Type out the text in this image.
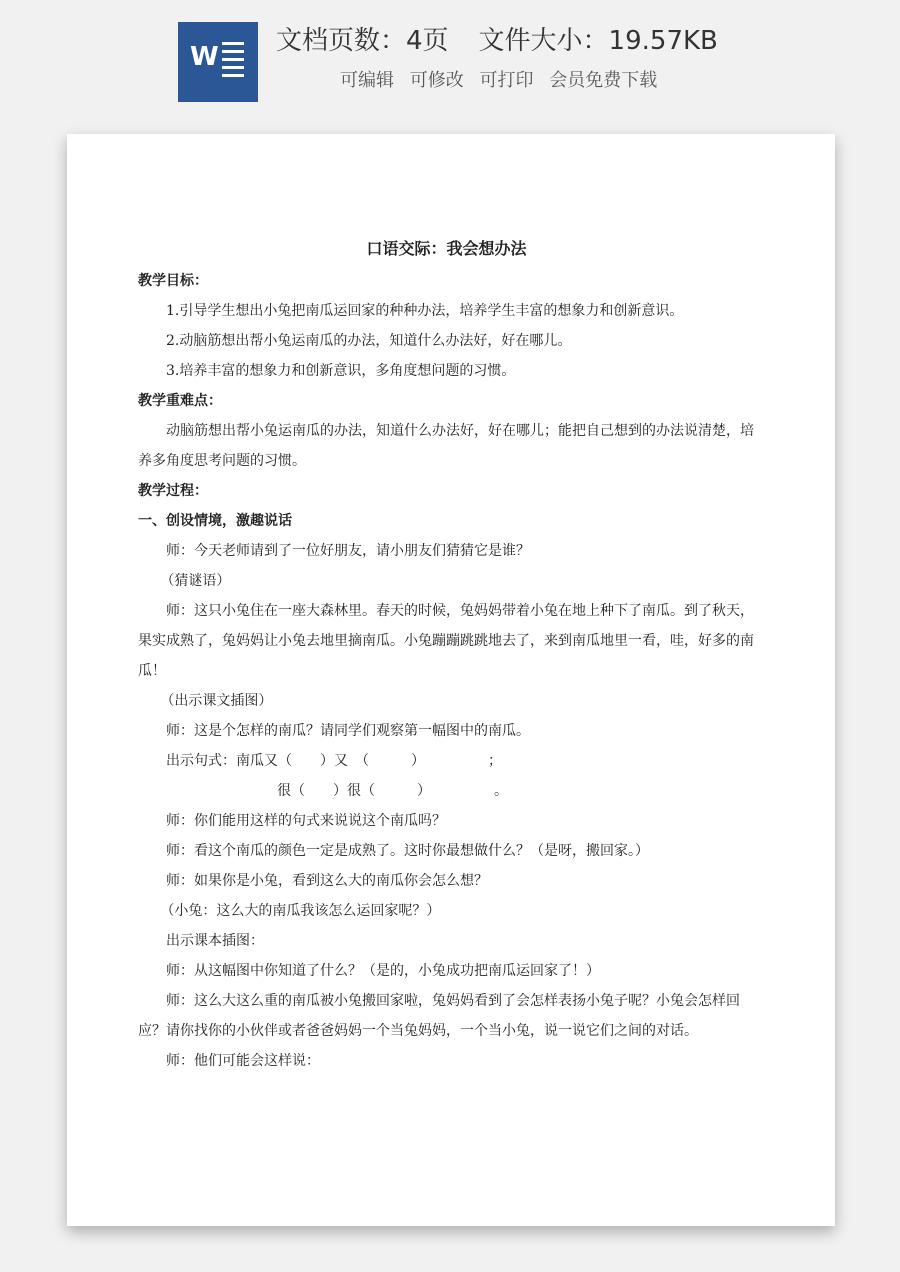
W
文档页数：4页 文件大小：19.57KB
可编辑 可修改 可打印 会员免费下载
口语交际：我会想办法

教学目标：

1.引导学生想出小兔把南瓜运回家的种种办法，培养学生丰富的想象力和创新意识。

2.动脑筋想出帮小兔运南瓜的办法，知道什么办法好，好在哪儿。

3.培养丰富的想象力和创新意识，多角度想问题的习惯。

教学重难点：

动脑筋想出帮小兔运南瓜的办法，知道什么办法好，好在哪儿；能把自己想到的办法说清楚，培养多角度思考问题的习惯。

教学过程：

一、创设情境，激趣说话

师：今天老师请到了一位好朋友，请小朋友们猜猜它是谁？

（猜谜语）

师：这只小兔住在一座大森林里。春天的时候，兔妈妈带着小兔在地上种下了南瓜。到了秋天，果实成熟了，兔妈妈让小兔去地里摘南瓜。小兔蹦蹦跳跳地去了，来到南瓜地里一看，哇，好多的南瓜！

（出示课文插图）

师：这是个怎样的南瓜？请同学们观察第一幅图中的南瓜。

出示句式：南瓜又（　　）又　（　　　）　　　　　；

很（　　）很（　　　）　　　　　。

师：你们能用这样的句式来说说这个南瓜吗？

师：看这个南瓜的颜色一定是成熟了。这时你最想做什么？（是呀，搬回家。）

师：如果你是小兔，看到这么大的南瓜你会怎么想？

（小兔：这么大的南瓜我该怎么运回家呢？）

出示课本插图：

师：从这幅图中你知道了什么？（是的，小兔成功把南瓜运回家了！）

师：这么大这么重的南瓜被小兔搬回家啦，兔妈妈看到了会怎样表扬小兔子呢？小兔会怎样回应？请你找你的小伙伴或者爸爸妈妈一个当兔妈妈，一个当小兔，说一说它们之间的对话。

师：他们可能会这样说：
